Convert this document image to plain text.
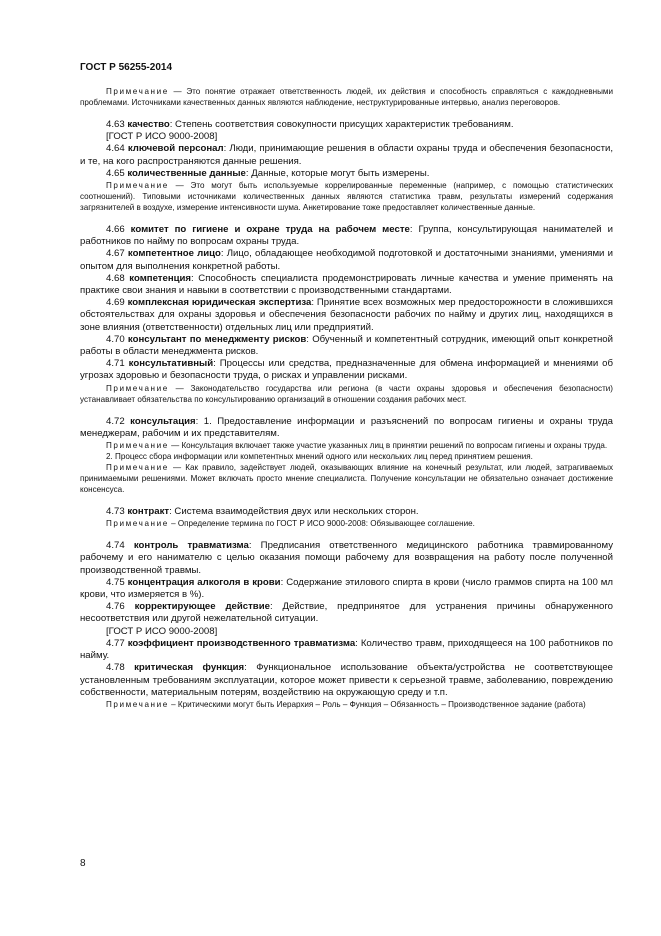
ГОСТ Р 56255-2014

Примечание — Это понятие отражает ответственность людей, их действия и способность справляться с каждодневными проблемами. Источниками качественных данных являются наблюдение, неструктурированные интервью, анализ переговоров.

4.63 качество: Степень соответствия совокупности присущих характеристик требованиям.

[ГОСТ Р ИСО 9000-2008]

4.64 ключевой персонал: Люди, принимающие решения в области охраны труда и обеспечения безопасности, и те, на кого распространяются данные решения.

4.65 количественные данные: Данные, которые могут быть измерены.

Примечание — Это могут быть используемые коррелированные переменные (например, с помощью статистических соотношений). Типовыми источниками количественных данных являются статистика травм, результаты измерений содержания загрязнителей в воздухе, измерение интенсивности шума. Анкетирование тоже предоставляет количественные данные.

4.66 комитет по гигиене и охране труда на рабочем месте: Группа, консультирующая нанимателей и работников по найму по вопросам охраны труда.

4.67 компетентное лицо: Лицо, обладающее необходимой подготовкой и достаточными знаниями, умениями и опытом для выполнения конкретной работы.

4.68 компетенция: Способность специалиста продемонстрировать личные качества и умение применять на практике свои знания и навыки в соответствии с производственными стандартами.

4.69 комплексная юридическая экспертиза: Принятие всех возможных мер предосторожности в сложившихся обстоятельствах для охраны здоровья и обеспечения безопасности рабочих по найму и других лиц, находящихся в зоне влияния (ответственности) отдельных лиц или предприятий.

4.70 консультант по менеджменту рисков: Обученный и компетентный сотрудник, имеющий опыт конкретной работы в области менеджмента рисков.

4.71 консультативный: Процессы или средства, предназначенные для обмена информацией и мнениями об угрозах здоровью и безопасности труда, о рисках и управлении рисками.

Примечание — Законодательство государства или региона (в части охраны здоровья и обеспечения безопасности) устанавливает обязательства по консультированию организаций в отношении создания рабочих мест.

4.72 консультация: 1. Предоставление информации и разъяснений по вопросам гигиены и охраны труда менеджерам, рабочим и их представителям.

Примечание — Консультация включает также участие указанных лиц в принятии решений по вопросам гигиены и охраны труда.

2. Процесс сбора информации или компетентных мнений одного или нескольких лиц перед принятием решения.

Примечание — Как правило, задействует людей, оказывающих влияние на конечный результат, или людей, затрагиваемых принимаемыми решениями. Может включать просто мнение специалиста. Получение консультации не обязательно означает достижение консенсуса.

4.73 контракт: Система взаимодействия двух или нескольких сторон.

Примечание – Определение термина по ГОСТ Р ИСО 9000-2008: Обязывающее соглашение.

4.74 контроль травматизма: Предписания ответственного медицинского работника травмированному рабочему и его нанимателю с целью оказания помощи рабочему для возвращения на работу после полученной производственной травмы.

4.75 концентрация алкоголя в крови: Содержание этилового спирта в крови (число граммов спирта на 100 мл крови, что измеряется в %).

4.76 корректирующее действие: Действие, предпринятое для устранения причины обнаруженного несоответствия или другой нежелательной ситуации.

[ГОСТ Р ИСО 9000-2008]

4.77 коэффициент производственного травматизма: Количество травм, приходящееся на 100 работников по найму.

4.78 критическая функция: Функциональное использование объекта/устройства не соответствующее установленным требованиям эксплуатации, которое может привести к серьезной травме, заболеванию, повреждению собственности, материальным потерям, воздействию на окружающую среду и т.п.

Примечание – Критическими могут быть Иерархия – Роль – Функция – Обязанность – Производственное задание (работа)

8
